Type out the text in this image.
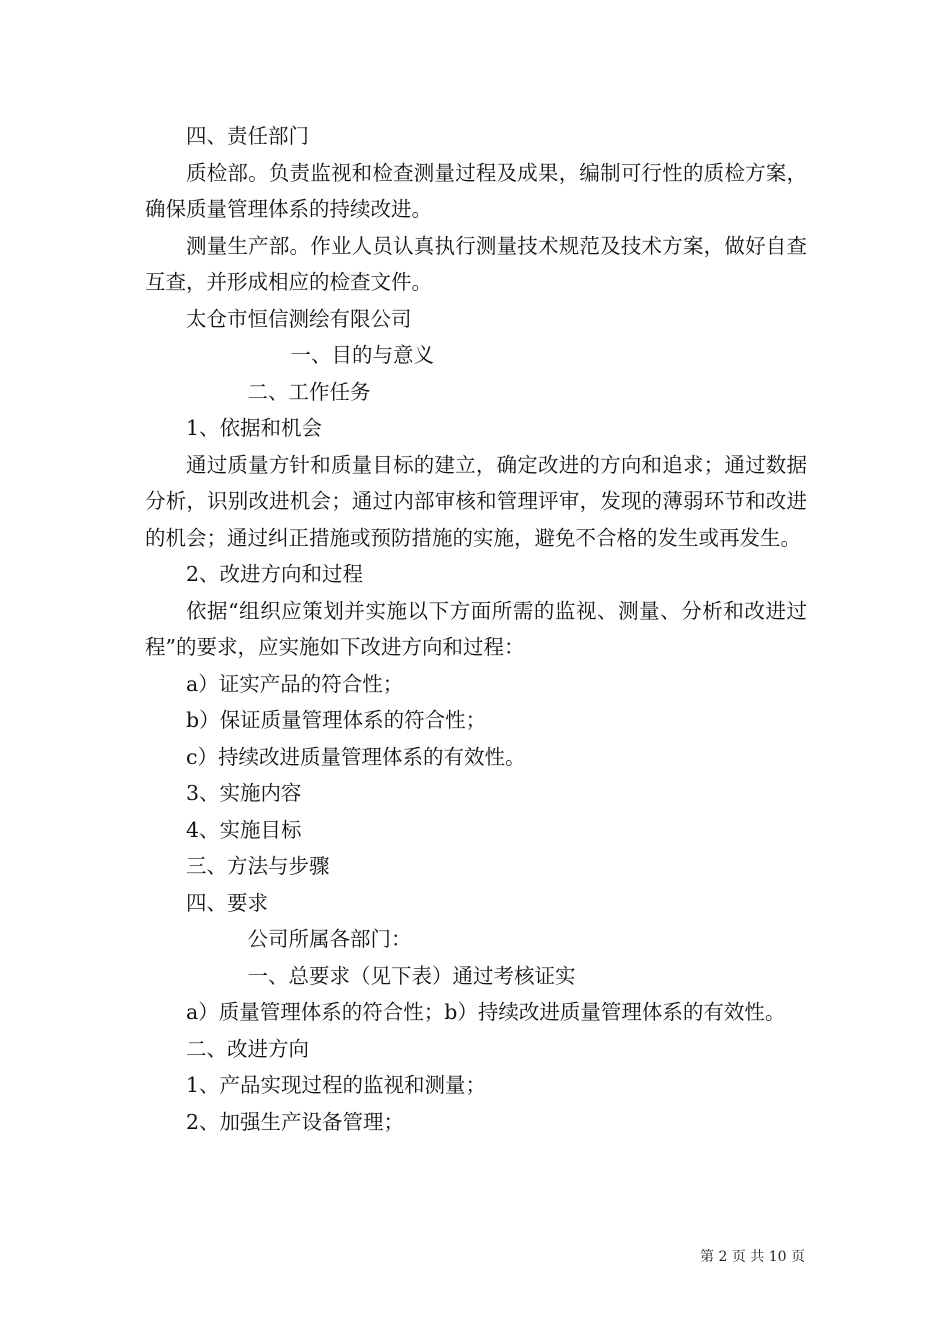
四、责任部门

质检部。负责监视和检查测量过程及成果，编制可行性的质检方案，确保质量管理体系的持续改进。

测量生产部。作业人员认真执行测量技术规范及技术方案，做好自查互查，并形成相应的检查文件。

太仓市恒信测绘有限公司

一、目的与意义

二、工作任务

1、依据和机会

通过质量方针和质量目标的建立，确定改进的方向和追求；通过数据分析，识别改进机会；通过内部审核和管理评审，发现的薄弱环节和改进的机会；通过纠正措施或预防措施的实施，避免不合格的发生或再发生。

2、改进方向和过程

依据“组织应策划并实施以下方面所需的监视、测量、分析和改进过程”的要求，应实施如下改进方向和过程：

a）证实产品的符合性；

b）保证质量管理体系的符合性；

c）持续改进质量管理体系的有效性。

3、实施内容

4、实施目标

三、方法与步骤

四、要求

公司所属各部门：

一、总要求（见下表）通过考核证实

a）质量管理体系的符合性；b）持续改进质量管理体系的有效性。

二、改进方向

1、产品实现过程的监视和测量；

2、加强生产设备管理；

第 2 页 共 10 页
